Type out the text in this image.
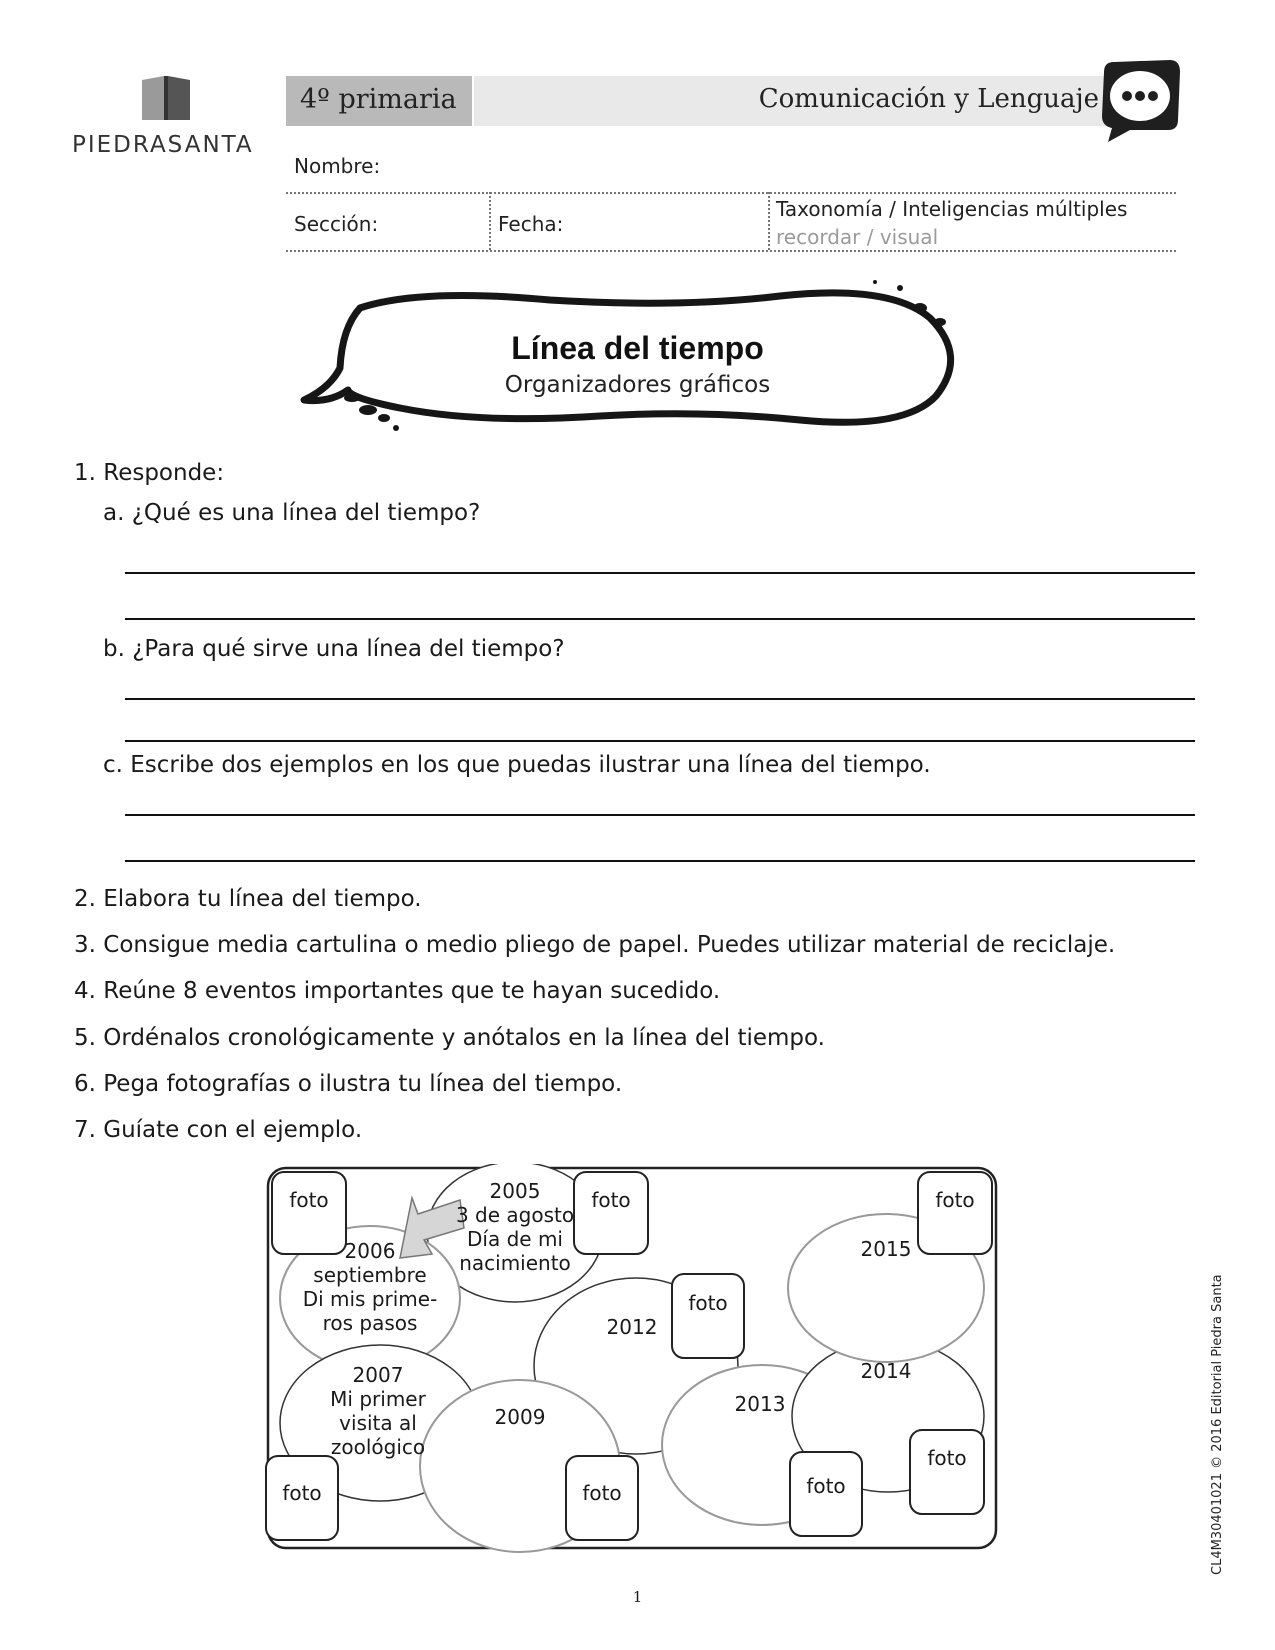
PIEDRASANTA
4º primaria	Comunicación y Lenguaje
Nombre:
Sección:	Fecha:
Taxonomía / Inteligencias múltiples
recordar / visual
Línea del tiempo
Organizadores gráficos
1. Responde:
a. ¿Qué es una línea del tiempo?
b. ¿Para qué sirve una línea del tiempo?
c. Escribe dos ejemplos en los que puedas ilustrar una línea del tiempo.
2. Elabora tu línea del tiempo.
3. Consigue media cartulina o medio pliego de papel. Puedes utilizar material de reciclaje.
4. Reúne 8 eventos importantes que te hayan sucedido.
5. Ordénalos cronológicamente y anótalos en la línea del tiempo.
6. Pega fotografías o ilustra tu línea del tiempo.
7. Guíate con el ejemplo.
foto	foto	foto
foto
foto
foto	foto	foto
2005
3 de agosto
Día de mi
nacimiento
2006
septiembre
Di mis prime-
ros pasos
2007
Mi primer
visita al
zoológico
2009
2012
2013
2014
2015
1
CL4M30401021 © 2016 Editorial Piedra Santa
